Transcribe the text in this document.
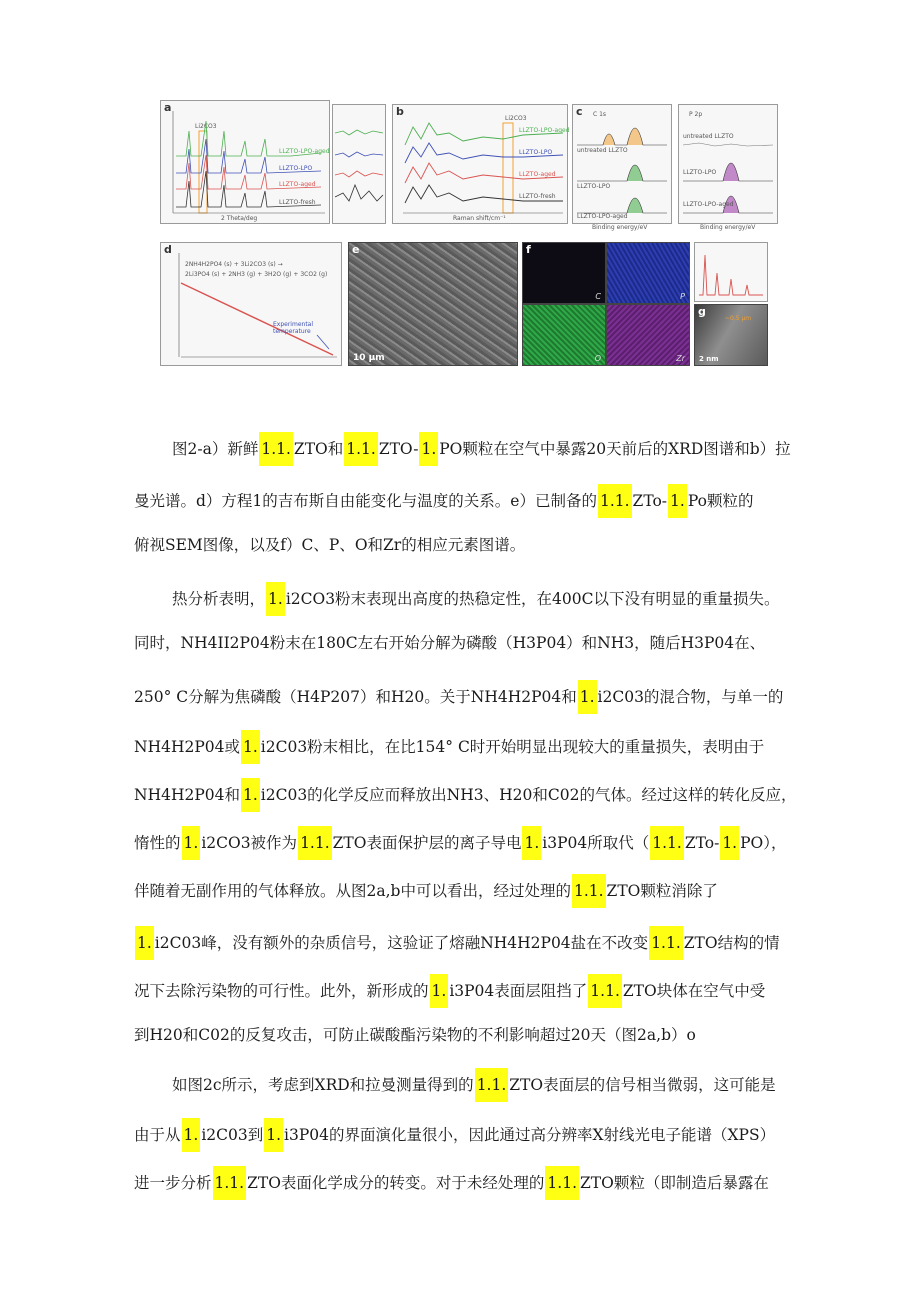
a
Li2CO3
LLZTO-LPO-aged
LLZTO-LPO
LLZTO-aged
LLZTO-fresh
2 Theta/deg
b
Li2CO3
LLZTO-LPO-aged
LLZTO-LPO
LLZTO-aged
LLZTO-fresh
Raman shift/cm⁻¹
c C 1s
untreated LLZTO
LLZTO-LPO
LLZTO-LPO-aged
Binding energy/eV
P 2p
untreated LLZTO
LLZTO-LPO
LLZTO-LPO-aged
Binding energy/eV
d
2NH4H2PO4 (s) + 3Li2CO3 (s) →
2Li3PO4 (s) + 2NH3 (g) + 3H2O (g) + 3CO2 (g)
Experimental temperature
e
10 μm
f
C	P
O	Zr
g
~0.5 μm
2 nm
图2-a）新鲜 1.1. ZTO和 1.1. ZTO- 1. PO颗粒在空气中暴露20天前后的XRD图谱和b）拉
曼光谱。d）方程1的吉布斯自由能变化与温度的关系。e）已制备的 1.1. ZTo- 1. Po颗粒的
俯视SEM图像，以及f）C、P、O和Zr的相应元素图谱。
热分析表明， 1. i2CO3粉末表现出高度的热稳定性，在400C以下没有明显的重量损失。
同时，NH4II2P04粉末在180C左右开始分解为磷酸（H3P04）和NH3，随后H3P04在、
250° C分解为焦磷酸（H4P207）和H20。关于NH4H2P04和 1. i2C03的混合物，与单一的
NH4H2P04或 1. i2C03粉末相比，在比154° C时开始明显出现较大的重量损失，表明由于
NH4H2P04和 1. i2C03的化学反应而释放出NH3、H20和C02的气体。经过这样的转化反应，
惰性的 1. i2CO3被作为 1.1. ZTO表面保护层的离子导电 1. i3P04所取代（ 1.1. ZTo- 1. PO），
伴随着无副作用的气体释放。从图2a,b中可以看出，经过处理的 1.1. ZTO颗粒消除了
1. i2C03峰，没有额外的杂质信号，这验证了熔融NH4H2P04盐在不改变 1.1. ZTO结构的情
况下去除污染物的可行性。此外，新形成的 1. i3P04表面层阻挡了 1.1. ZTO块体在空气中受
到H20和C02的反复攻击，可防止碳酸酯污染物的不利影响超过20天（图2a,b）o
如图2c所示，考虑到XRD和拉曼测量得到的 1.1. ZTO表面层的信号相当微弱，这可能是
由于从 1. i2C03到 1. i3P04的界面演化量很小，因此通过高分辨率X射线光电子能谱（XPS）
进一步分析 1.1. ZTO表面化学成分的转变。对于未经处理的 1.1. ZTO颗粒（即制造后暴露在
